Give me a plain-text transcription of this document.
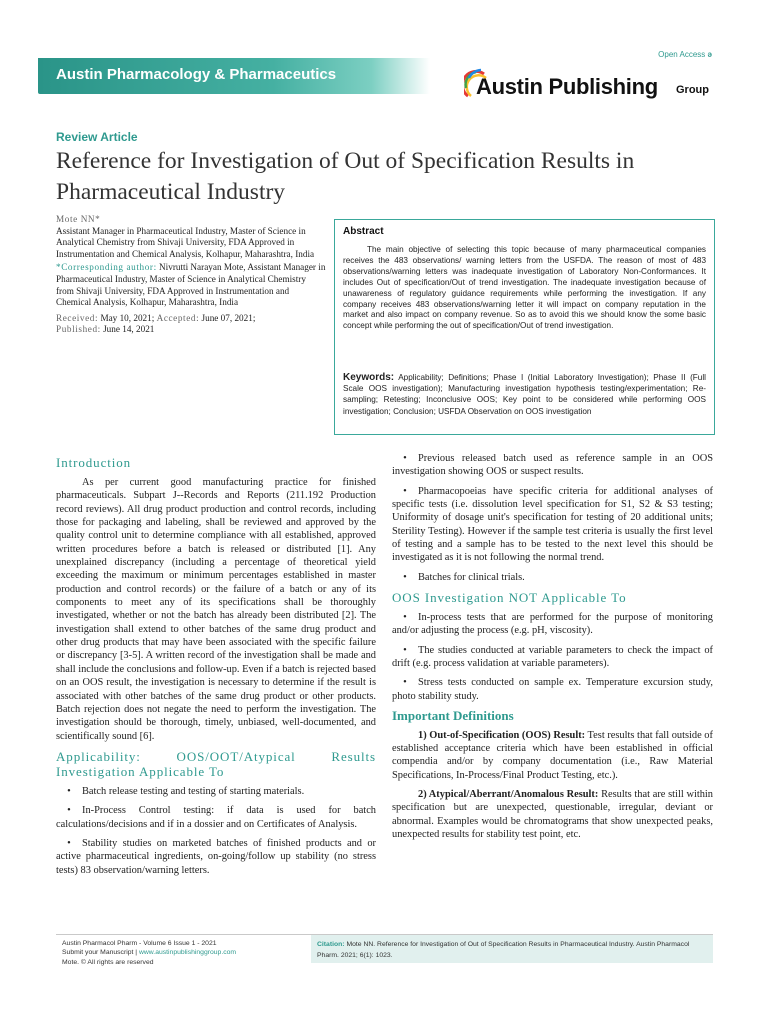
Open Access ə
Austin Pharmacology & Pharmaceutics	Austin Publishing Group
Review Article
Reference for Investigation of Out of Specification Results in Pharmaceutical Industry

Mote NN*

Assistant Manager in Pharmaceutical Industry, Master of Science in Analytical Chemistry from Shivaji University, FDA Approved in Instrumentation and Chemical Analysis, Kolhapur, Maharashtra, India

*Corresponding author: Nivrutti Narayan Mote, Assistant Manager in Pharmaceutical Industry, Master of Science in Analytical Chemistry from Shivaji University, FDA Approved in Instrumentation and Chemical Analysis, Kolhapur, Maharashtra, India

Received: May 10, 2021; Accepted: June 07, 2021;
Published: June 14, 2021

Abstract
The main objective of selecting this topic because of many pharmaceutical companies receives the 483 observations/ warning letters from the USFDA. The reason of most of 483 observations/warning letters was inadequate investigation of Laboratory Non-Conformances. It includes Out of specification/Out of trend investigation. The inadequate investigation because of unawareness of regulatory guidance requirements while performing the investigation. If any company receives 483 observations/warning letter it will impact on company reputation in the market and also impact on company revenue. So as to avoid this we should know the some basic concept while performing the out of specification/Out of trend investigation.
Keywords: Applicability; Definitions; Phase I (Initial Laboratory Investigation); Phase II (Full Scale OOS investigation); Manufacturing investigation hypothesis testing/experimentation; Re-sampling; Retesting; Inconclusive OOS; Key point to be considered while performing OOS investigation; Conclusion; USFDA Observation on OOS investigation
Introduction

As per current good manufacturing practice for finished pharmaceuticals. Subpart J--Records and Reports (211.192 Production record reviews). All drug product production and control records, including those for packaging and labeling, shall be reviewed and approved by the quality control unit to determine compliance with all established, approved written procedures before a batch is released or distributed [1]. Any unexplained discrepancy (including a percentage of theoretical yield exceeding the maximum or minimum percentages established in master production and control records) or the failure of a batch or any of its components to meet any of its specifications shall be thoroughly investigated, whether or not the batch has already been distributed [2]. The investigation shall extend to other batches of the same drug product and other drug products that may have been associated with the specific failure or discrepancy [3-5]. A written record of the investigation shall be made and shall include the conclusions and follow-up. Even if a batch is rejected based on an OOS result, the investigation is necessary to determine if the result is associated with other batches of the same drug product or other products. Batch rejection does not negate the need to perform the investigation. The investigation should be thorough, timely, unbiased, well-documented, and scientifically sound [6].

Applicability: OOS/OOT/Atypical Results Investigation Applicable To

• Batch release testing and testing of starting materials.

• In-Process Control testing: if data is used for batch calculations/decisions and if in a dossier and on Certificates of Analysis.

• Stability studies on marketed batches of finished products and or active pharmaceutical ingredients, on-going/follow up stability (no stress tests) 83 observation/warning letters.

• Previous released batch used as reference sample in an OOS investigation showing OOS or suspect results.

• Pharmacopoeias have specific criteria for additional analyses of specific tests (i.e. dissolution level specification for S1, S2 & S3 testing; Uniformity of dosage unit's specification for testing of 20 additional units; Sterility Testing). However if the sample test criteria is usually the first level of testing and a sample has to be tested to the next level this should be investigated as it is not following the normal trend.

• Batches for clinical trials.

OOS Investigation NOT Applicable To

• In-process tests that are performed for the purpose of monitoring and/or adjusting the process (e.g. pH, viscosity).

• The studies conducted at variable parameters to check the impact of drift (e.g. process validation at variable parameters).

• Stress tests conducted on sample ex. Temperature excursion study, photo stability study.

Important Definitions

1) Out-of-Specification (OOS) Result: Test results that fall outside of established acceptance criteria which have been established in official compendia and/or by company documentation (i.e., Raw Material Specifications, In-Process/Final Product Testing, etc.).

2) Atypical/Aberrant/Anomalous Result: Results that are still within specification but are unexpected, questionable, irregular, deviant or abnormal. Examples would be chromatograms that show unexpected peaks, unexpected results for stability test point, etc.

Austin Pharmacol Pharm - Volume 6 Issue 1 - 2021
Submit your Manuscript | www.austinpublishinggroup.com
Mote. © All rights are reserved
Citation: Mote NN. Reference for Investigation of Out of Specification Results in Pharmaceutical Industry. Austin Pharmacol Pharm. 2021; 6(1): 1023.
